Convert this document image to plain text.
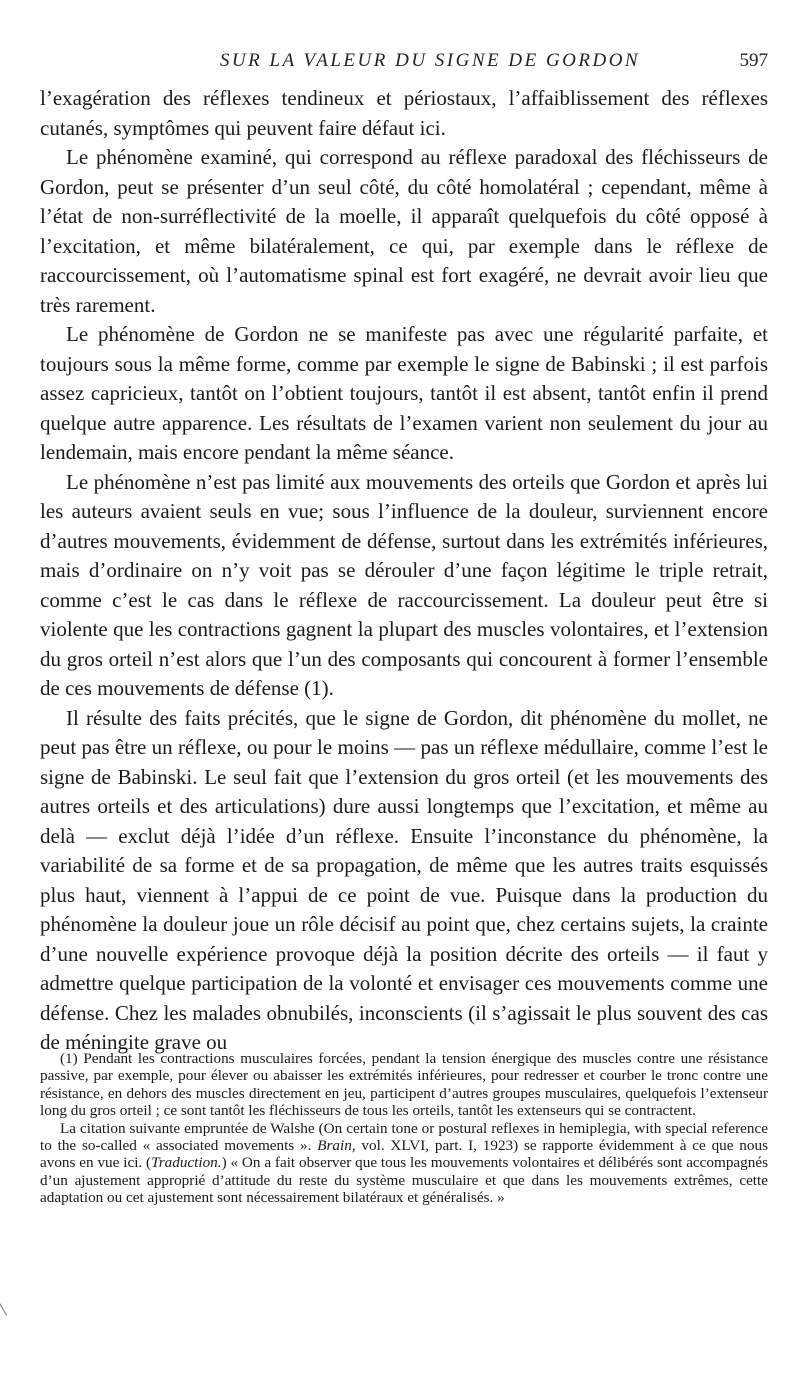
SUR LA VALEUR DU SIGNE DE GORDON	597

l’exagération des réflexes tendineux et périostaux, l’affaiblissement des réflexes cutanés, symptômes qui peuvent faire défaut ici.

Le phénomène examiné, qui correspond au réflexe paradoxal des fléchisseurs de Gordon, peut se présenter d’un seul côté, du côté homolatéral ; cependant, même à l’état de non-surréflectivité de la moelle, il apparaît quelquefois du côté opposé à l’excitation, et même bilatéralement, ce qui, par exemple dans le réflexe de raccourcissement, où l’automatisme spinal est fort exagéré, ne devrait avoir lieu que très rarement.

Le phénomène de Gordon ne se manifeste pas avec une régularité parfaite, et toujours sous la même forme, comme par exemple le signe de Babinski ; il est parfois assez capricieux, tantôt on l’obtient toujours, tantôt il est absent, tantôt enfin il prend quelque autre apparence. Les résultats de l’examen varient non seulement du jour au lendemain, mais encore pendant la même séance.

Le phénomène n’est pas limité aux mouvements des orteils que Gordon et après lui les auteurs avaient seuls en vue; sous l’influence de la douleur, surviennent encore d’autres mouvements, évidemment de défense, surtout dans les extrémités inférieures, mais d’ordinaire on n’y voit pas se dérouler d’une façon légitime le triple retrait, comme c’est le cas dans le réflexe de raccourcissement. La douleur peut être si violente que les contractions gagnent la plupart des muscles volontaires, et l’extension du gros orteil n’est alors que l’un des composants qui concourent à former l’ensemble de ces mouvements de défense (1).

Il résulte des faits précités, que le signe de Gordon, dit phénomène du mollet, ne peut pas être un réflexe, ou pour le moins — pas un réflexe médullaire, comme l’est le signe de Babinski. Le seul fait que l’extension du gros orteil (et les mouvements des autres orteils et des articulations) dure aussi longtemps que l’excitation, et même au delà — exclut déjà l’idée d’un réflexe. Ensuite l’inconstance du phénomène, la variabilité de sa forme et de sa propagation, de même que les autres traits esquissés plus haut, viennent à l’appui de ce point de vue. Puisque dans la production du phénomène la douleur joue un rôle décisif au point que, chez certains sujets, la crainte d’une nouvelle expérience provoque déjà la position décrite des orteils — il faut y admettre quelque participation de la volonté et envisager ces mouvements comme une défense. Chez les malades obnubilés, inconscients (il s’agissait le plus souvent des cas de méningite grave ou

(1) Pendant les contractions musculaires forcées, pendant la tension énergique des muscles contre une résistance passive, par exemple, pour élever ou abaisser les extrémités inférieures, pour redresser et courber le tronc contre une résistance, en dehors des muscles directement en jeu, participent d’autres groupes musculaires, quelquefois l’extenseur long du gros orteil ; ce sont tantôt les fléchisseurs de tous les orteils, tantôt les extenseurs qui se contractent.

La citation suivante empruntée de Walshe (On certain tone or postural reflexes in hemiplegia, with special reference to the so-called « associated movements ». Brain, vol. XLVI, part. I, 1923) se rapporte évidemment à ce que nous avons en vue ici. (Traduction.) « On a fait observer que tous les mouvements volontaires et délibérés sont accompagnés d’un ajustement approprié d’attitude du reste du système musculaire et que dans les mouvements extrêmes, cette adaptation ou cet ajustement sont nécessairement bilatéraux et généralisés. »
